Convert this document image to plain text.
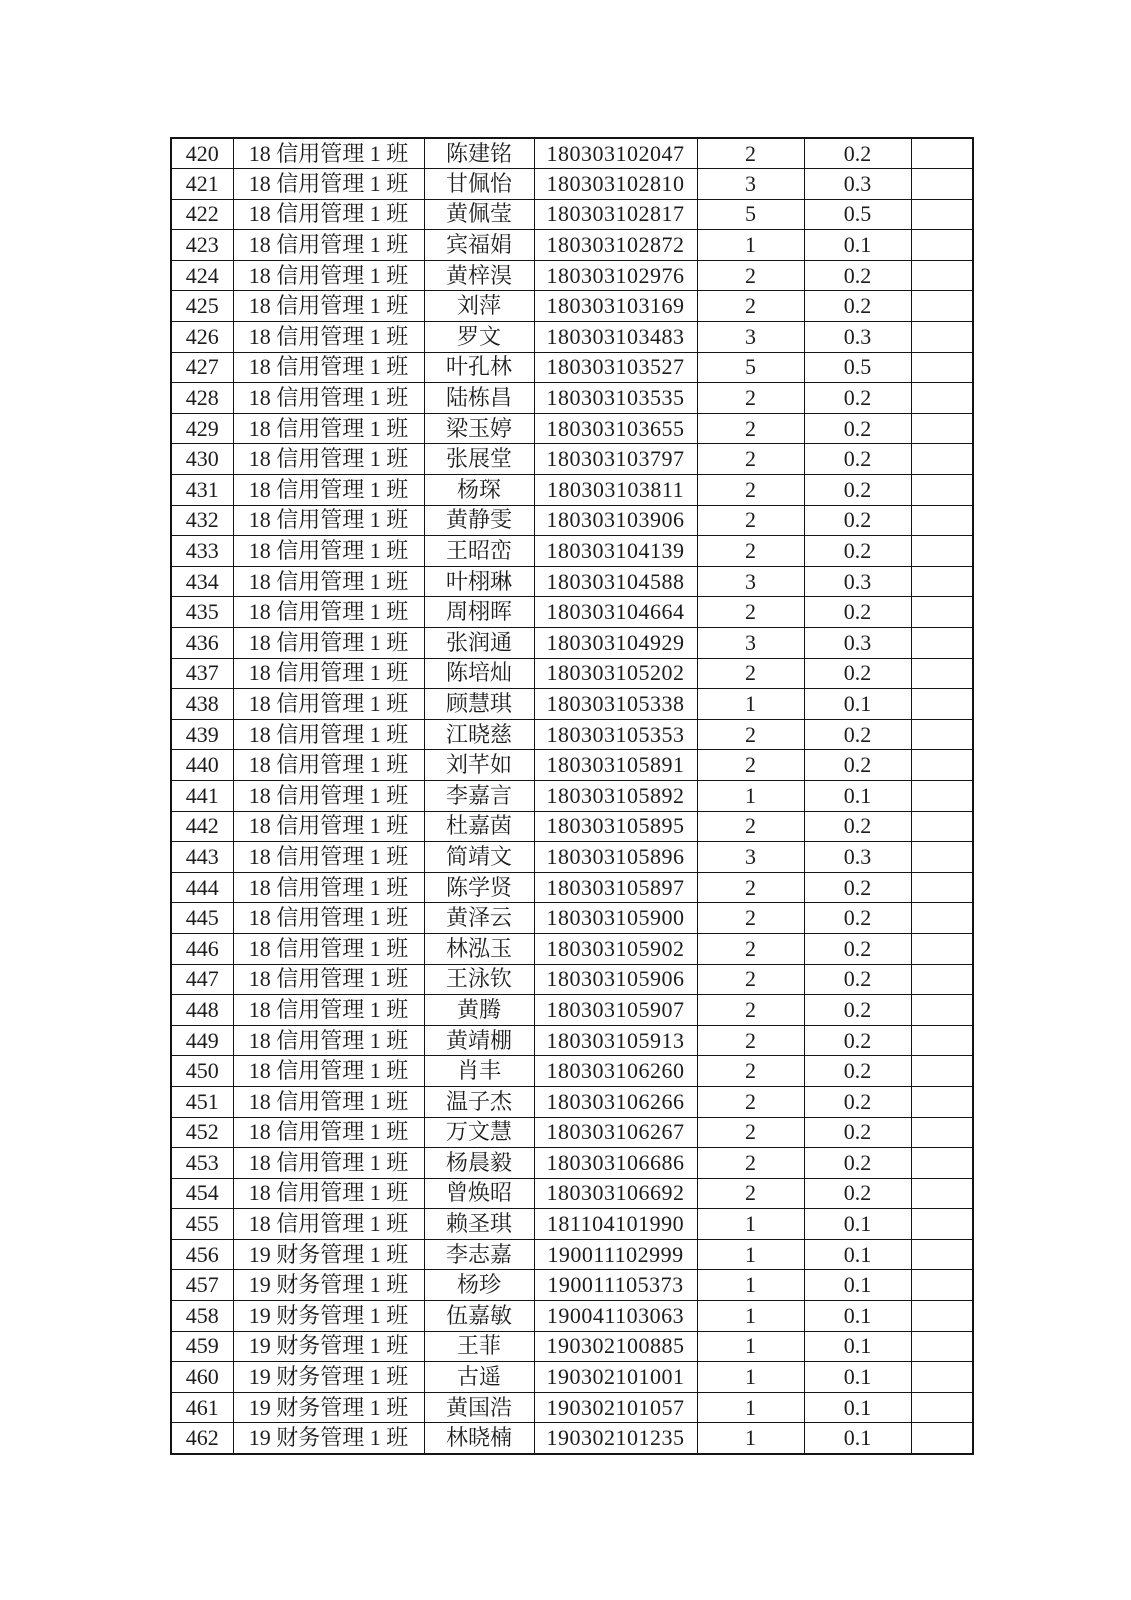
420	18 信用管理 1 班	陈建铭	180303102047	2	0.2	
421	18 信用管理 1 班	甘佩怡	180303102810	3	0.3	
422	18 信用管理 1 班	黄佩莹	180303102817	5	0.5	
423	18 信用管理 1 班	宾福娟	180303102872	1	0.1	
424	18 信用管理 1 班	黄梓淏	180303102976	2	0.2	
425	18 信用管理 1 班	刘萍	180303103169	2	0.2	
426	18 信用管理 1 班	罗文	180303103483	3	0.3	
427	18 信用管理 1 班	叶孔林	180303103527	5	0.5	
428	18 信用管理 1 班	陆栋昌	180303103535	2	0.2	
429	18 信用管理 1 班	梁玉婷	180303103655	2	0.2	
430	18 信用管理 1 班	张展堂	180303103797	2	0.2	
431	18 信用管理 1 班	杨琛	180303103811	2	0.2	
432	18 信用管理 1 班	黄静雯	180303103906	2	0.2	
433	18 信用管理 1 班	王昭峦	180303104139	2	0.2	
434	18 信用管理 1 班	叶栩琳	180303104588	3	0.3	
435	18 信用管理 1 班	周栩晖	180303104664	2	0.2	
436	18 信用管理 1 班	张润通	180303104929	3	0.3	
437	18 信用管理 1 班	陈培灿	180303105202	2	0.2	
438	18 信用管理 1 班	顾慧琪	180303105338	1	0.1	
439	18 信用管理 1 班	江晓慈	180303105353	2	0.2	
440	18 信用管理 1 班	刘芊如	180303105891	2	0.2	
441	18 信用管理 1 班	李嘉言	180303105892	1	0.1	
442	18 信用管理 1 班	杜嘉茵	180303105895	2	0.2	
443	18 信用管理 1 班	简靖文	180303105896	3	0.3	
444	18 信用管理 1 班	陈学贤	180303105897	2	0.2	
445	18 信用管理 1 班	黄泽云	180303105900	2	0.2	
446	18 信用管理 1 班	林泓玉	180303105902	2	0.2	
447	18 信用管理 1 班	王泳钦	180303105906	2	0.2	
448	18 信用管理 1 班	黄腾	180303105907	2	0.2	
449	18 信用管理 1 班	黄靖棚	180303105913	2	0.2	
450	18 信用管理 1 班	肖丰	180303106260	2	0.2	
451	18 信用管理 1 班	温子杰	180303106266	2	0.2	
452	18 信用管理 1 班	万文慧	180303106267	2	0.2	
453	18 信用管理 1 班	杨晨毅	180303106686	2	0.2	
454	18 信用管理 1 班	曾焕昭	180303106692	2	0.2	
455	18 信用管理 1 班	赖圣琪	181104101990	1	0.1	
456	19 财务管理 1 班	李志嘉	190011102999	1	0.1	
457	19 财务管理 1 班	杨珍	190011105373	1	0.1	
458	19 财务管理 1 班	伍嘉敏	190041103063	1	0.1	
459	19 财务管理 1 班	王菲	190302100885	1	0.1	
460	19 财务管理 1 班	古遥	190302101001	1	0.1	
461	19 财务管理 1 班	黄国浩	190302101057	1	0.1	
462	19 财务管理 1 班	林晓楠	190302101235	1	0.1	
